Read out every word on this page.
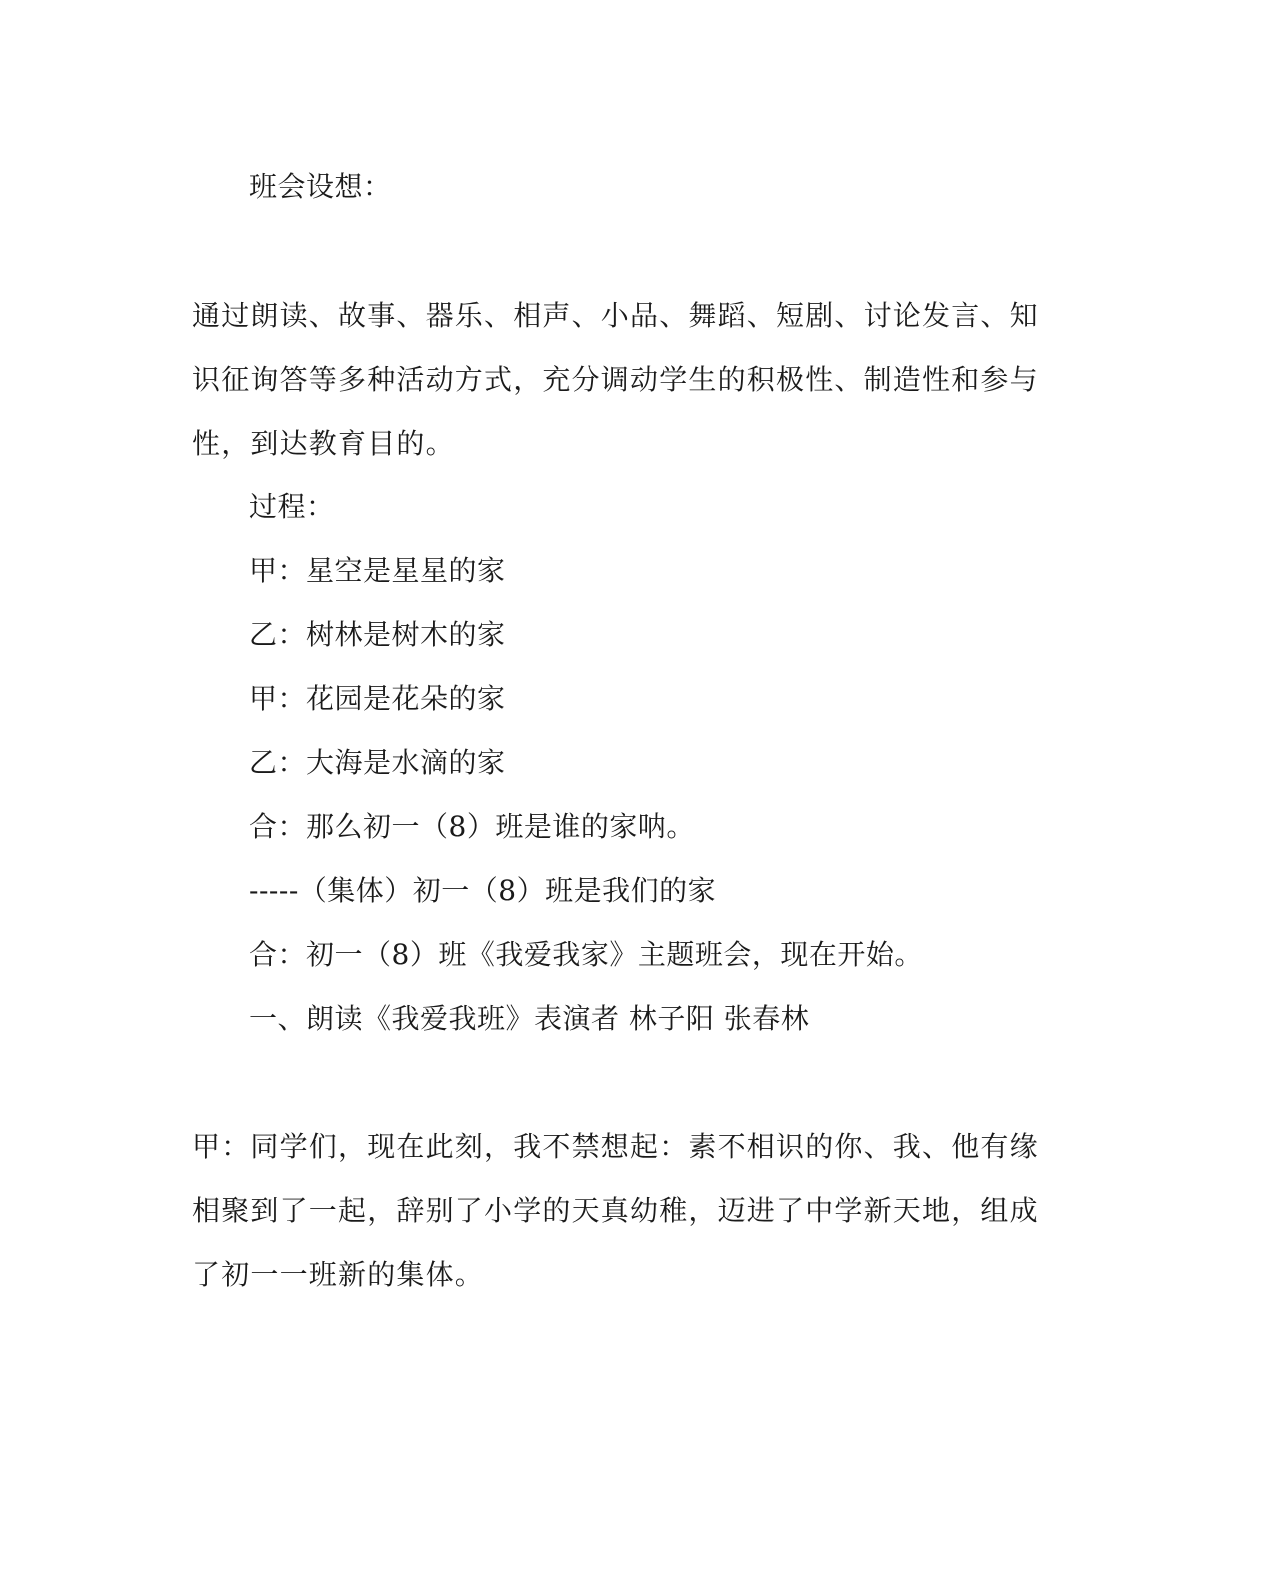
班会设想：
通过朗读、故事、器乐、相声、小品、舞蹈、短剧、讨论发言、知识征询答等多种活动方式，充分调动学生的积极性、制造性和参与性，到达教育目的。
过程：
甲：星空是星星的家
乙：树林是树木的家
甲：花园是花朵的家
乙：大海是水滴的家
合：那么初一（8）班是谁的家呐。
-----（集体）初一（8）班是我们的家
合：初一（8）班《我爱我家》主题班会，现在开始。
一、朗读《我爱我班》表演者 林子阳 张春林
甲：同学们，现在此刻，我不禁想起：素不相识的你、我、他有缘相聚到了一起，辞别了小学的天真幼稚，迈进了中学新天地，组成了初一一班新的集体。
